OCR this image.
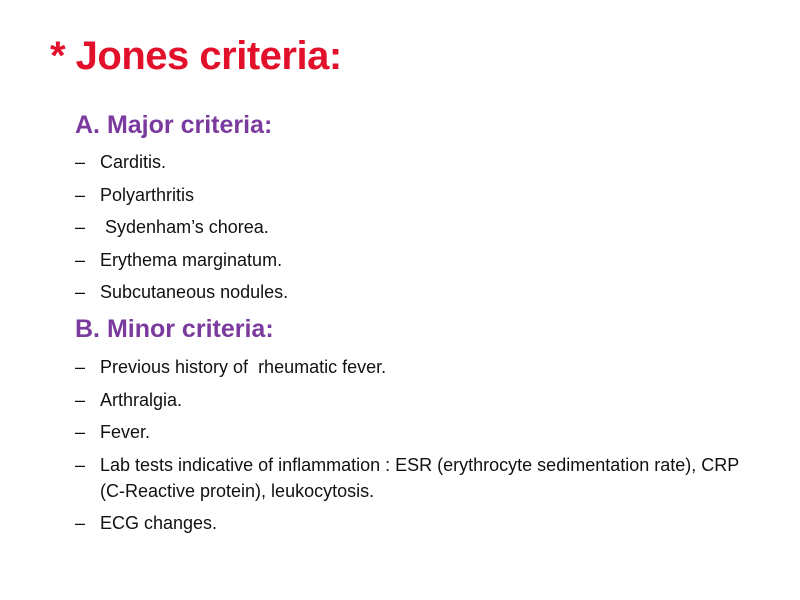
* Jones criteria:
A. Major criteria:
– Carditis.
– Polyarthritis
– Sydenham’s chorea.
– Erythema marginatum.
– Subcutaneous nodules.
B. Minor criteria:
– Previous history of  rheumatic fever.
– Arthralgia.
– Fever.
– Lab tests indicative of inflammation : ESR (erythrocyte sedimentation rate), CRP (C-Reactive protein), leukocytosis.
– ECG changes.
